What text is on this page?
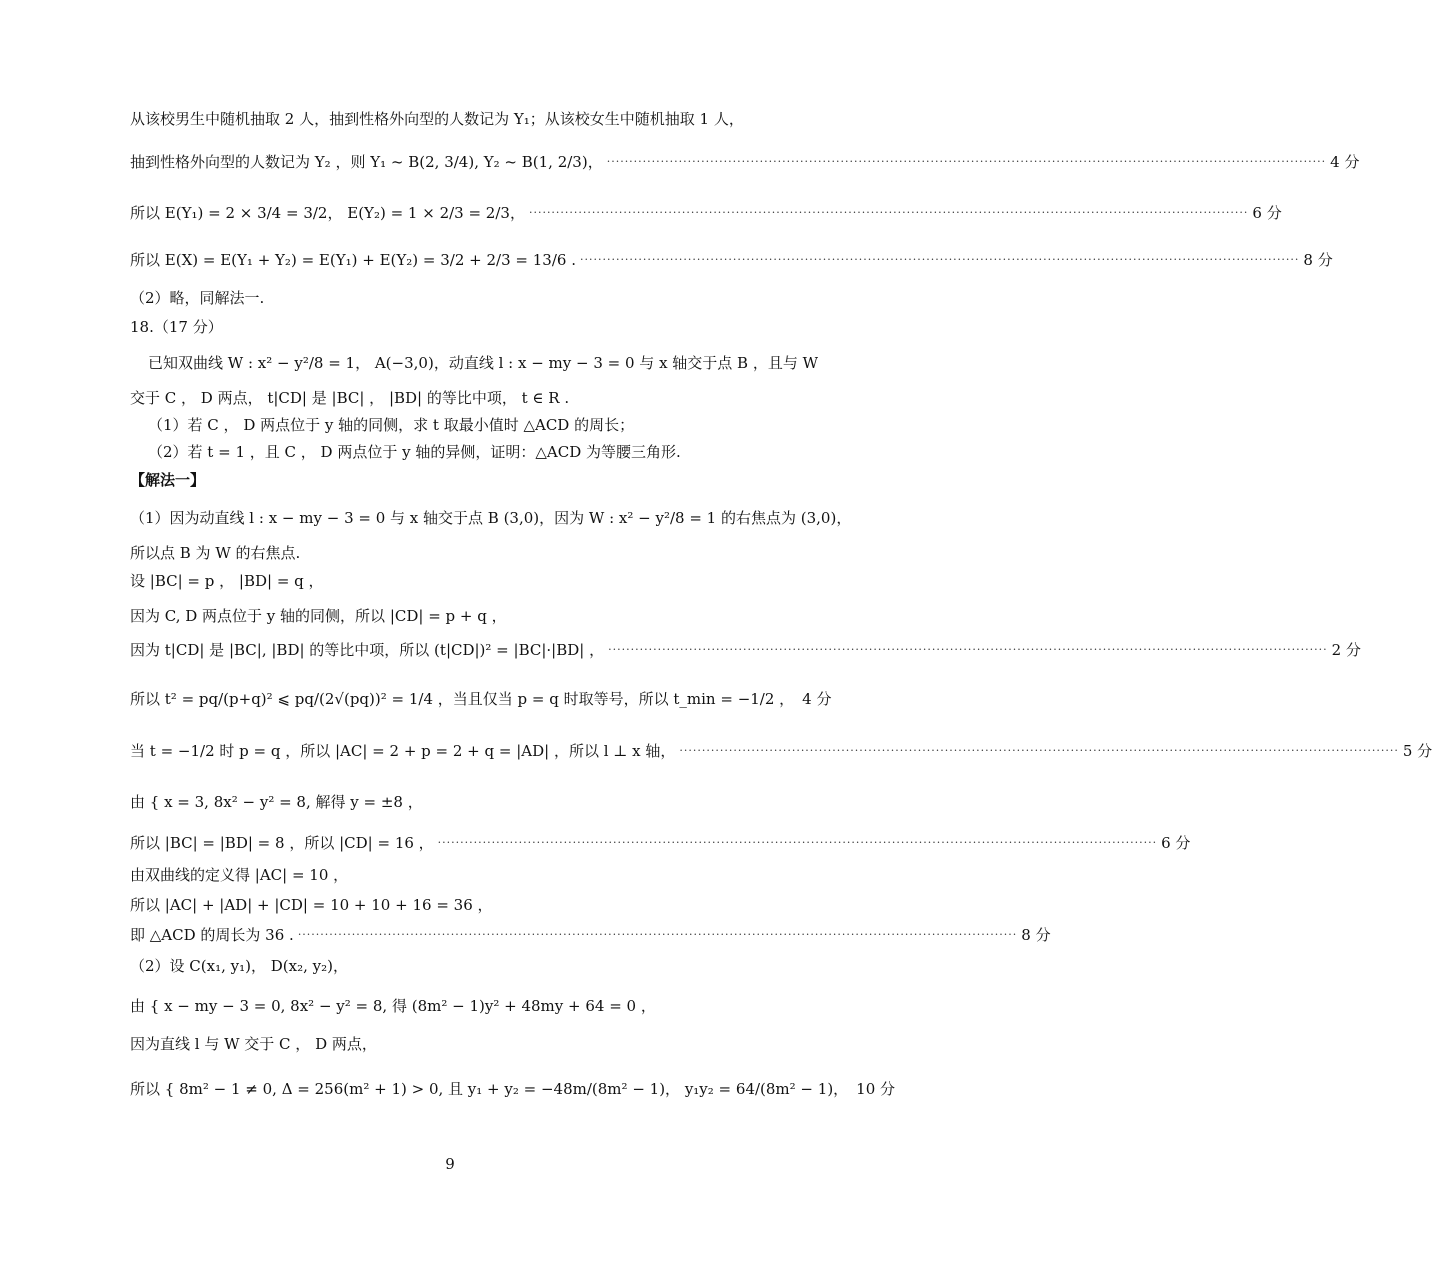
从该校男生中随机抽取 2 人，抽到性格外向型的人数记为 Y₁；从该校女生中随机抽取 1 人，
抽到性格外向型的人数记为 Y₂ ，则 Y₁ ~ B(2, 3/4), Y₂ ~ B(1, 2/3)， ································································································································································ 4 分
所以 E(Y₁) = 2 × 3/4 = 3/2， E(Y₂) = 1 × 2/3 = 2/3， ································································································································································ 6 分
所以 E(X) = E(Y₁ + Y₂) = E(Y₁) + E(Y₂) = 3/2 + 2/3 = 13/6 . ································································································································································ 8 分
（2）略，同解法一.
18.（17 分）
已知双曲线 W : x² − y²/8 = 1， A(−3,0)，动直线 l : x − my − 3 = 0 与 x 轴交于点 B ，且与 W
交于 C ， D 两点， t|CD| 是 |BC| ， |BD| 的等比中项， t ∈ R .
（1）若 C ， D 两点位于 y 轴的同侧，求 t 取最小值时 △ACD 的周长；
（2）若 t = 1 ，且 C ， D 两点位于 y 轴的异侧，证明：△ACD 为等腰三角形.
【解法一】
（1）因为动直线 l : x − my − 3 = 0 与 x 轴交于点 B (3,0)，因为 W : x² − y²/8 = 1 的右焦点为 (3,0)，
所以点 B 为 W 的右焦点.
设 |BC| = p ， |BD| = q ，
因为 C, D 两点位于 y 轴的同侧，所以 |CD| = p + q ，
因为 t|CD| 是 |BC|, |BD| 的等比中项，所以 (t|CD|)² = |BC|·|BD| ， ································································································································································ 2 分
所以 t² = pq/(p+q)² ⩽ pq/(2√(pq))² = 1/4 ，当且仅当 p = q 时取等号，所以 t_min = −1/2 ， 4 分
当 t = −1/2 时 p = q ，所以 |AC| = 2 + p = 2 + q = |AD| ，所以 l ⊥ x 轴， ································································································································································ 5 分
由 { x = 3, 8x² − y² = 8, 解得 y = ±8 ，
所以 |BC| = |BD| = 8 ，所以 |CD| = 16 ， ································································································································································ 6 分
由双曲线的定义得 |AC| = 10 ，
所以 |AC| + |AD| + |CD| = 10 + 10 + 16 = 36 ，
即 △ACD 的周长为 36 . ································································································································································ 8 分
（2）设 C(x₁, y₁)， D(x₂, y₂)，
由 { x − my − 3 = 0, 8x² − y² = 8, 得 (8m² − 1)y² + 48my + 64 = 0 ，
因为直线 l 与 W 交于 C ， D 两点，
所以 { 8m² − 1 ≠ 0, Δ = 256(m² + 1) > 0, 且 y₁ + y₂ = −48m/(8m² − 1)， y₁y₂ = 64/(8m² − 1)， 10 分
9
